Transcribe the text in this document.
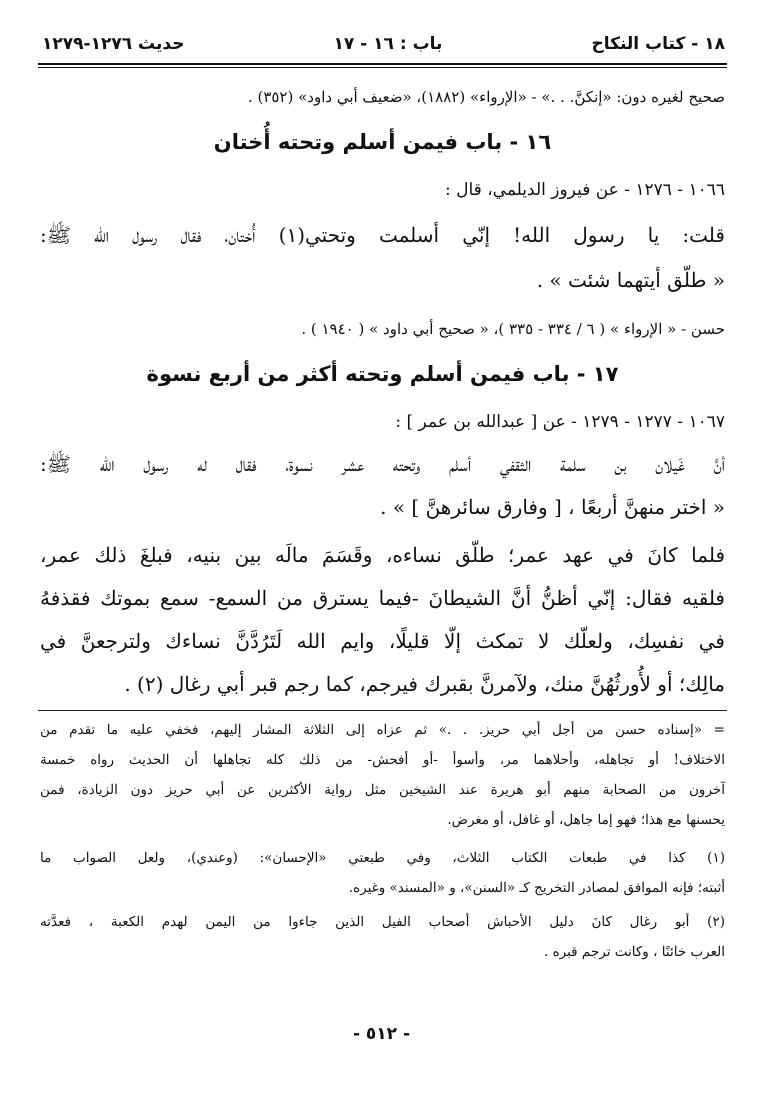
١٨ - كتاب النكاح
باب : ١٦ - ١٧
حديث ١٢٧٦-١٢٧٩
صحيح لغيره دون: «إنكنَّ. . .» - «الإرواء» (١٨٨٢)، «ضعيف أبي داود» (٣٥٢) .
١٦ - باب فيمن أسلم وتحته أُختان
١٠٦٦ - ١٢٧٦ - عن فيروز الديلمي، قال :
قلت: يا رسول الله! إنّي أسلمت وتحتي(١) أُختان، فقال رسول الله ﷺ:
« طلّق أيتهما شئت » .
حسن - « الإرواء » ( ٦ / ٣٣٤ - ٣٣٥ )، « صحيح أبي داود » ( ١٩٤٠ ) .
١٧ - باب فيمن أسلم وتحته أكثر من أربع نسوة
١٠٦٧ - ١٢٧٧ - ١٢٧٩ - عن [ عبدالله بن عمر ] :
أنَّ غَيلان بن سلمة الثقفي أسلم وتحته عشر نسوة، فقال له رسول الله ﷺ:
« اختر منهنَّ أربعًا ، [ وفارق سائرهنَّ ] » .
فلما كانَ في عهد عمر؛ طلّق نساءه، وقَسَمَ مالَه بين بنيه، فبلغَ ذلك عمر،
فلقيه فقال: إنّي أظنُّ أنَّ الشيطانَ -فيما يسترق من السمع- سمع بموتك فقذفهُ
في نفسِك، ولعلّك لا تمكث إلّا قليلًا، وايم الله لَتَرُدَّنَّ نساءك ولترجعنَّ في
مالِك؛ أو لأُورثُهُنَّ منك، ولآمرنَّ بقبرك فيرجم، كما رجم قبر أبي رغال (٢) .
= «إسناده حسن من أجل أبي حريز. . .» ثم عزاه إلى الثلاثة المشار إليهم، فخفي عليه ما تقدم من
الاختلاف! أو تجاهله، وأحلاهما مر، وأسوأ -أو أفحش- من ذلك كله تجاهلها أن الحديث رواه خمسة
آخرون من الصحابة منهم أبو هريرة عند الشيخين مثل رواية الأكثرين عن أبي حريز دون الزيادة، فمن
يحسنها مع هذا؛ فهو إما جاهل، أو غافل، أو مغرض.
(١) كذا في طبعات الكتاب الثلاث، وفي طبعتي «الإحسان»: (وعندي)، ولعل الصواب ما
أثبته؛ فإنه الموافق لمصادر التخريج كـ «السنن»، و «المسند» وغيره.
(٢) أبو رغال كانَ دليل الأحباش أصحاب الفيل الذين جاءوا من اليمن لهدم الكعبة ، فعدَّته
العرب خائنًا ، وكانت ترجم قبره .
- ٥١٢ -
